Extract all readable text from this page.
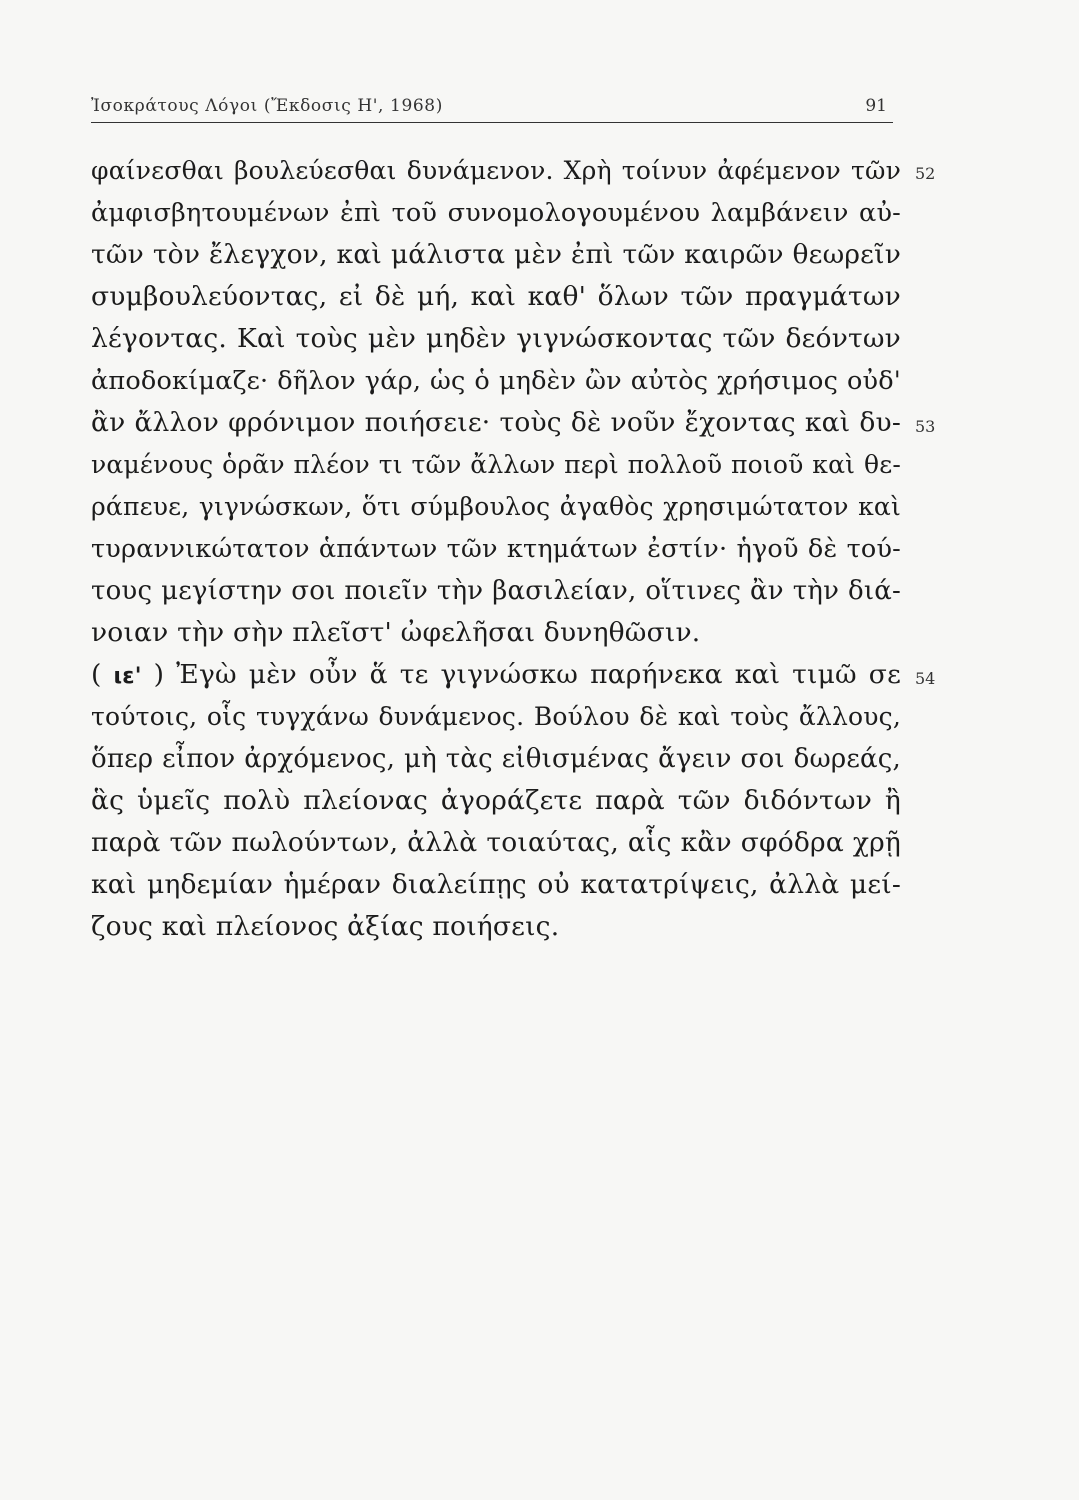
Ἰσοκράτους Λόγοι (Ἔκδοσις Η', 1968)	91
φαίνεσθαι βουλεύεσθαι δυνάμενον. Χρὴ τοίνυν ἀφέμενον τῶν
ἀμφισβητουμένων ἐπὶ τοῦ συνομολογουμένου λαμβάνειν αὐ-
τῶν τὸν ἔλεγχον, καὶ μάλιστα μὲν ἐπὶ τῶν καιρῶν θεωρεῖν
συμβουλεύοντας, εἰ δὲ μή, καὶ καθ' ὅλων τῶν πραγμάτων
λέγοντας. Καὶ τοὺς μὲν μηδὲν γιγνώσκοντας τῶν δεόντων
ἀποδοκίμαζε· δῆλον γάρ, ὡς ὁ μηδὲν ὢν αὐτὸς χρήσιμος οὐδ'
ἂν ἄλλον φρόνιμον ποιήσειε· τοὺς δὲ νοῦν ἔχοντας καὶ δυ-
ναμένους ὁρᾶν πλέον τι τῶν ἄλλων περὶ πολλοῦ ποιοῦ καὶ θε-
ράπευε, γιγνώσκων, ὅτι σύμβουλος ἀγαθὸς χρησιμώτατον καὶ
τυραννικώτατον ἁπάντων τῶν κτημάτων ἐστίν· ἡγοῦ δὲ τού-
τους μεγίστην σοι ποιεῖν τὴν βασιλείαν, οἵτινες ἂν τὴν διά-
νοιαν τὴν σὴν πλεῖστ' ὠφελῆσαι δυνηθῶσιν.
( ιε' ) Ἐγὼ μὲν οὖν ἅ τε γιγνώσκω παρήνεκα καὶ τιμῶ σε
τούτοις, οἷς τυγχάνω δυνάμενος. Βούλου δὲ καὶ τοὺς ἄλλους,
ὅπερ εἶπον ἀρχόμενος, μὴ τὰς εἰθισμένας ἄγειν σοι δωρεάς,
ἃς ὑμεῖς πολὺ πλείονας ἀγοράζετε παρὰ τῶν διδόντων ἢ
παρὰ τῶν πωλούντων, ἀλλὰ τοιαύτας, αἷς κἂν σφόδρα χρῇ
καὶ μηδεμίαν ἡμέραν διαλείπῃς οὐ κατατρίψεις, ἀλλὰ μεί-
ζους καὶ πλείονος ἀξίας ποιήσεις.
52
53
54
